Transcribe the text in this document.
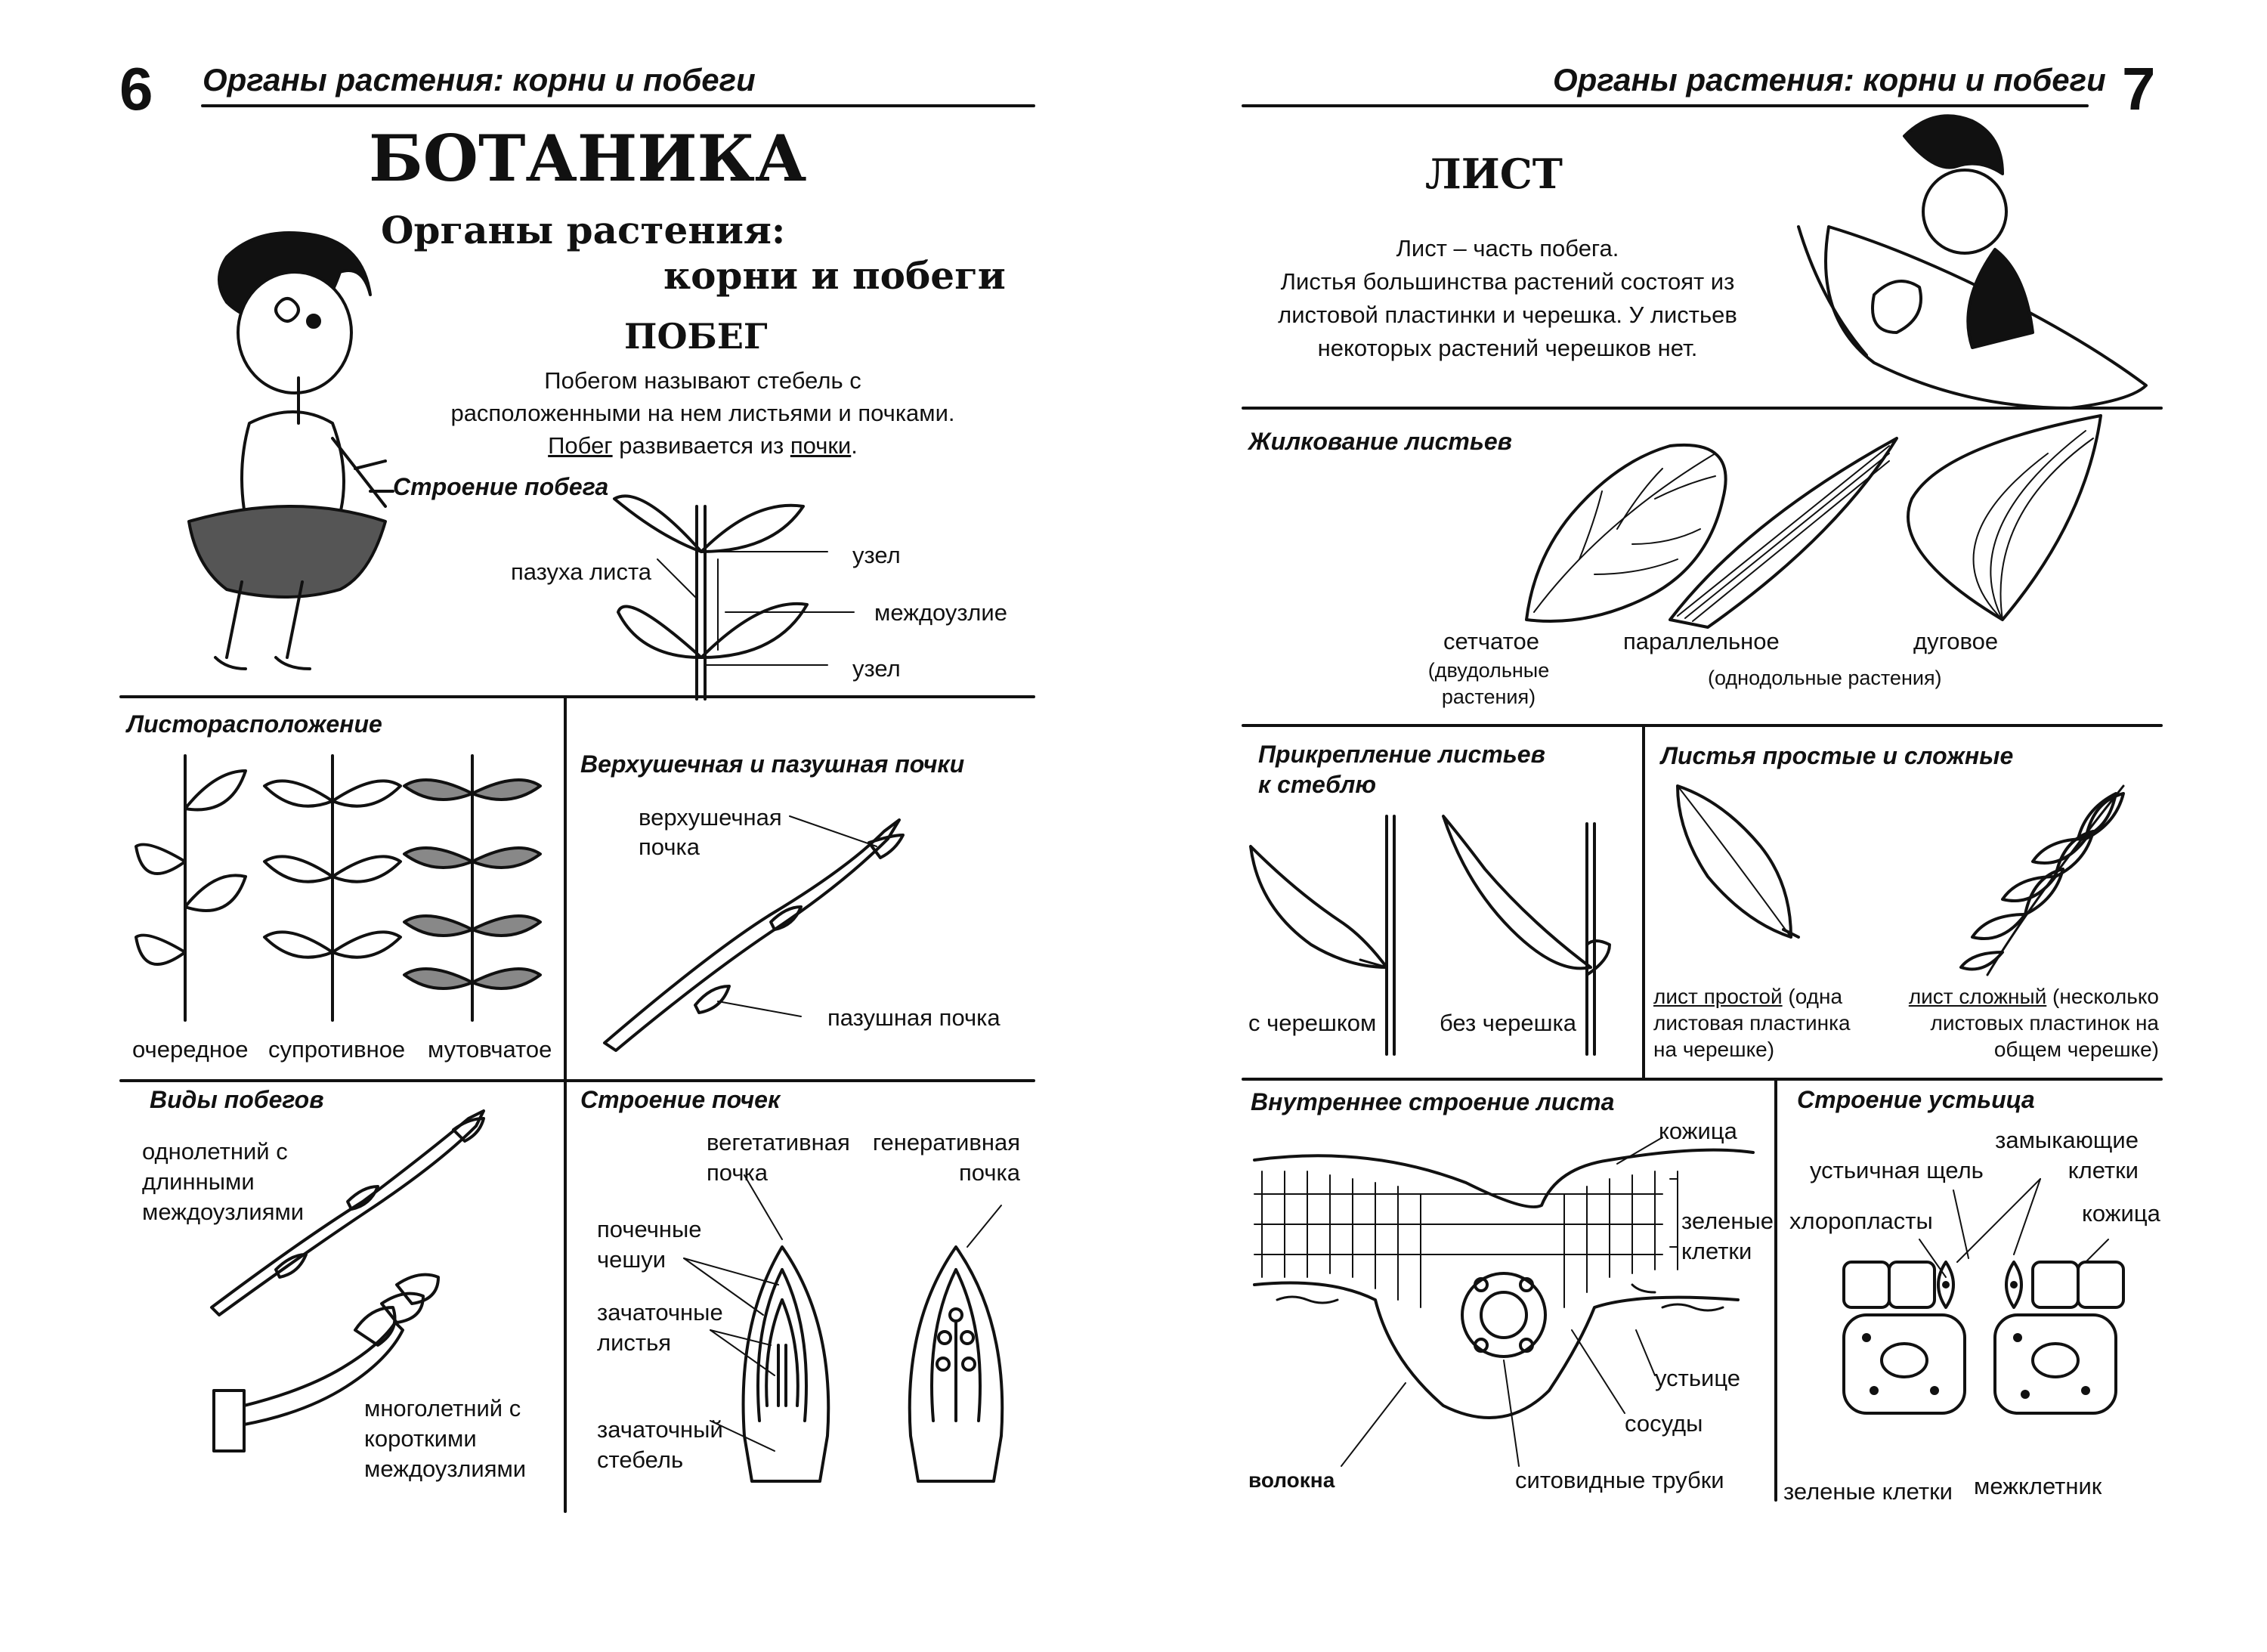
6 Органы растения: корни и побеги
БОТАНИКА
Органы растения:
корни и побеги
ПОБЕГ
Побегом называют стебель с
расположенными на нем листьями и почками.
Побег развивается из почки.
Строение побега
пазуха листа
узел
междоузлие
узел
Листорасположение
очередное супротивное мутовчатое
Верхушечная и пазушная почки
верхушечная
почка
пазушная почка
Виды побегов
однолетний с
длинными
междоузлиями
многолетний с
короткими
междоузлиями
Строение почек
вегетативная
почка
генеративная
почка
почечные
чешуи
зачаточные
листья
зачаточный
стебель
Органы растения: корни и побеги 7
ЛИСТ
Лист – часть побега.
Листья большинства растений состоят из
листовой пластинки и черешка. У листьев
некоторых растений черешков нет.
Жилкование листьев
сетчатое
(двудольные
растения)
параллельное	дуговое
(однодольные растения)
Прикрепление листьев
к стеблю
с черешком	без черешка
Листья простые и сложные
лист простой (одна
листовая пластинка
на черешке)
лист сложный (несколько
листовых пластинок на
общем черешке)
Внутреннее строение листа
кожица
зеленые
клетки
устьице
сосуды
волокна	ситовидные трубки
Строение устьица
замыкающие
клетки
устьичная щель
хлоропласты	кожица
зеленые клетки межклетник
